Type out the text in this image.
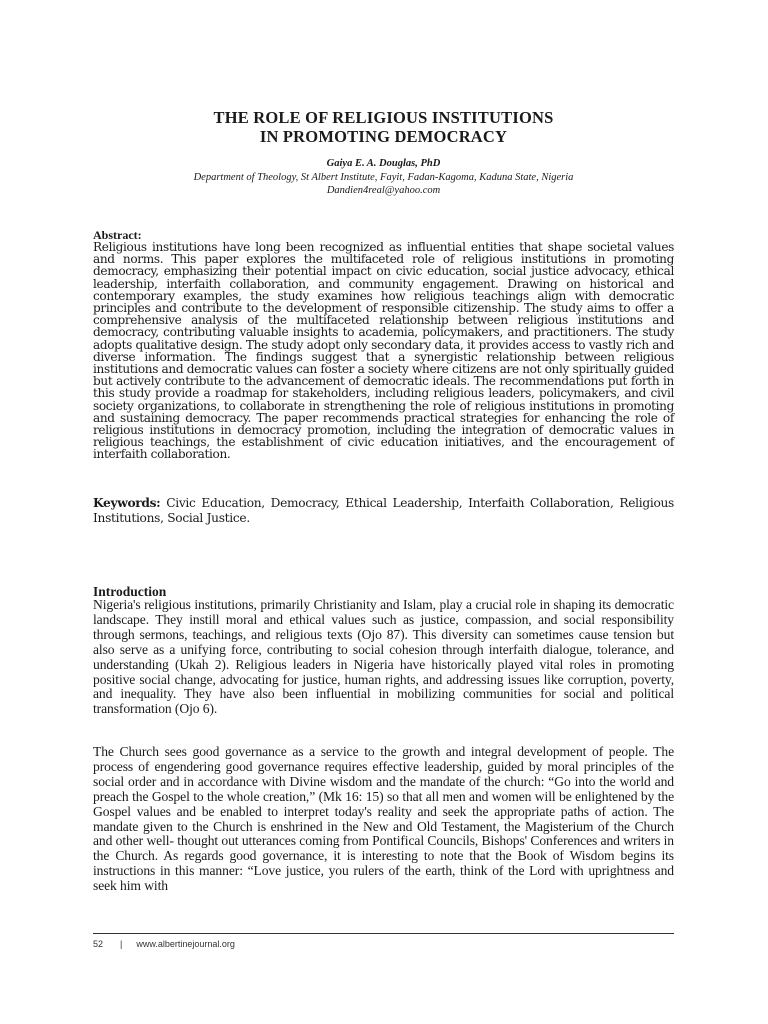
THE ROLE OF RELIGIOUS INSTITUTIONS
IN PROMOTING DEMOCRACY
Gaiya E. A. Douglas, PhD
Department of Theology, St Albert Institute, Fayit, Fadan-Kagoma, Kaduna State, Nigeria
Dandien4real@yahoo.com
Abstract:
Religious institutions have long been recognized as influential entities that shape societal values and norms. This paper explores the multifaceted role of religious institutions in promoting democracy, emphasizing their potential impact on civic education, social justice advocacy, ethical leadership, interfaith collaboration, and community engagement. Drawing on historical and contemporary examples, the study examines how religious teachings align with democratic principles and contribute to the development of responsible citizenship. The study aims to offer a comprehensive analysis of the multifaceted relationship between religious institutions and democracy, contributing valuable insights to academia, policymakers, and practitioners. The study adopts qualitative design. The study adopt only secondary data, it provides access to vastly rich and diverse information. The findings suggest that a synergistic relationship between religious institutions and democratic values can foster a society where citizens are not only spiritually guided but actively contribute to the advancement of democratic ideals. The recommendations put forth in this study provide a roadmap for stakeholders, including religious leaders, policymakers, and civil society organizations, to collaborate in strengthening the role of religious institutions in promoting and sustaining democracy. The paper recommends practical strategies for enhancing the role of religious institutions in democracy promotion, including the integration of democratic values in religious teachings, the establishment of civic education initiatives, and the encouragement of interfaith collaboration.
Keywords: Civic Education, Democracy, Ethical Leadership, Interfaith Collaboration, Religious Institutions, Social Justice.
Introduction
Nigeria's religious institutions, primarily Christianity and Islam, play a crucial role in shaping its democratic landscape. They instill moral and ethical values such as justice, compassion, and social responsibility through sermons, teachings, and religious texts (Ojo 87). This diversity can sometimes cause tension but also serve as a unifying force, contributing to social cohesion through interfaith dialogue, tolerance, and understanding (Ukah 2). Religious leaders in Nigeria have historically played vital roles in promoting positive social change, advocating for justice, human rights, and addressing issues like corruption, poverty, and inequality. They have also been influential in mobilizing communities for social and political transformation (Ojo 6).
The Church sees good governance as a service to the growth and integral development of people. The process of engendering good governance requires effective leadership, guided by moral principles of the social order and in accordance with Divine wisdom and the mandate of the church: “Go into the world and preach the Gospel to the whole creation,” (Mk 16: 15) so that all men and women will be enlightened by the Gospel values and be enabled to interpret today's reality and seek the appropriate paths of action. The mandate given to the Church is enshrined in the New and Old Testament, the Magisterium of the Church and other well- thought out utterances coming from Pontifical Councils, Bishops' Conferences and writers in the Church. As regards good governance, it is interesting to note that the Book of Wisdom begins its instructions in this manner: “Love justice, you rulers of the earth, think of the Lord with uprightness and seek him with
52 | www.albertinejournal.org
